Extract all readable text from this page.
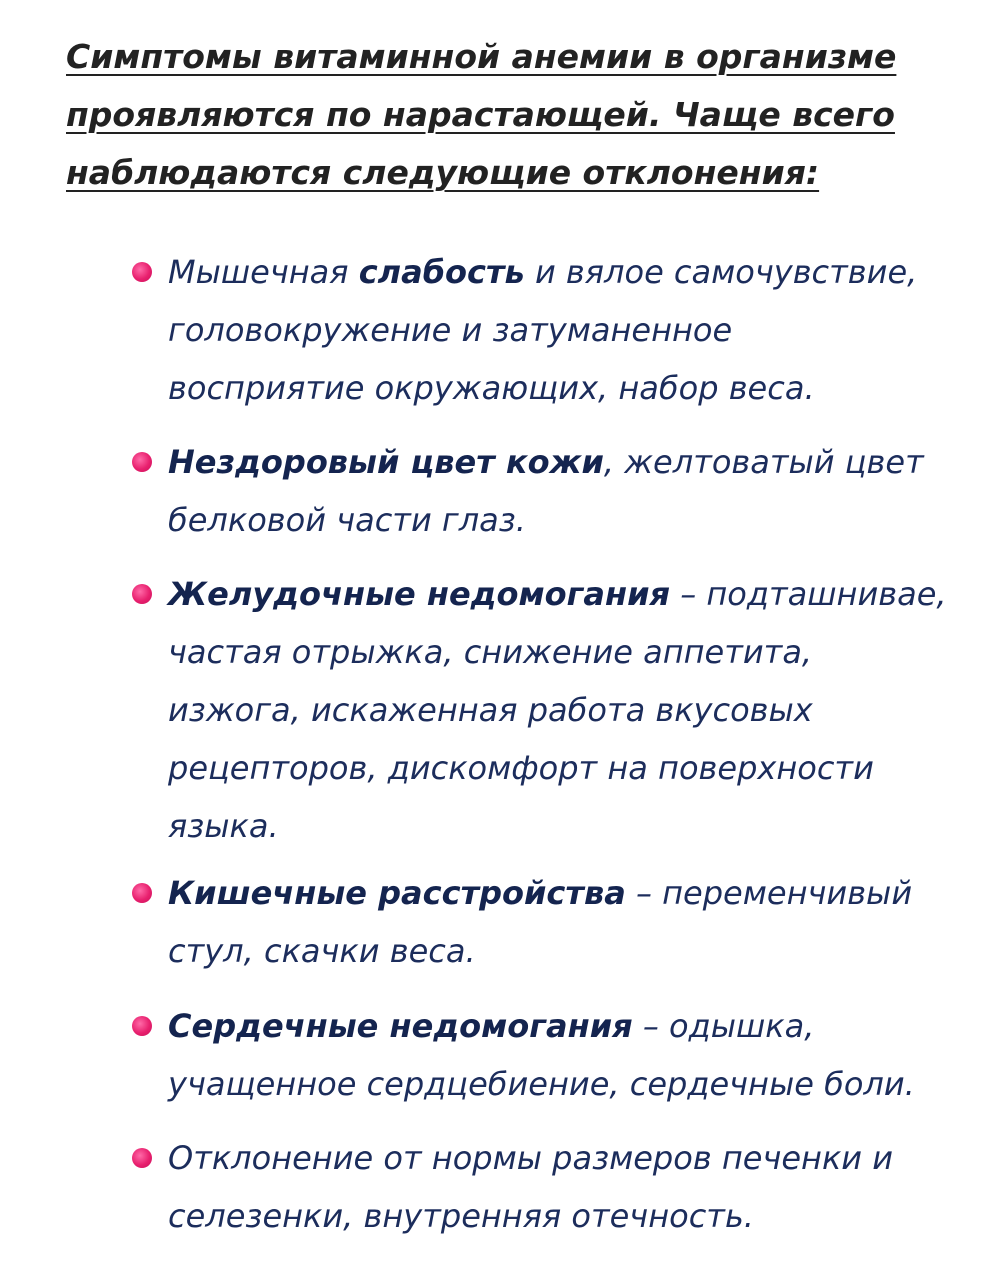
Симптомы витаминной анемии в организме
проявляются по нарастающей. Чаще всего
наблюдаются следующие отклонения:
Мышечная слабость и вялое самочувствие,
головокружение и затуманенное
восприятие окружающих, набор веса.
Нездоровый цвет кожи, желтоватый цвет
белковой части глаз.
Желудочные недомогания – подташнивае,
частая отрыжка, снижение аппетита,
изжога, искаженная работа вкусовых
рецепторов, дискомфорт на поверхности
языка.
Кишечные расстройства – переменчивый
стул, скачки веса.
Сердечные недомогания – одышка,
учащенное сердцебиение, сердечные боли.
Отклонение от нормы размеров печенки и
селезенки, внутренняя отечность.
